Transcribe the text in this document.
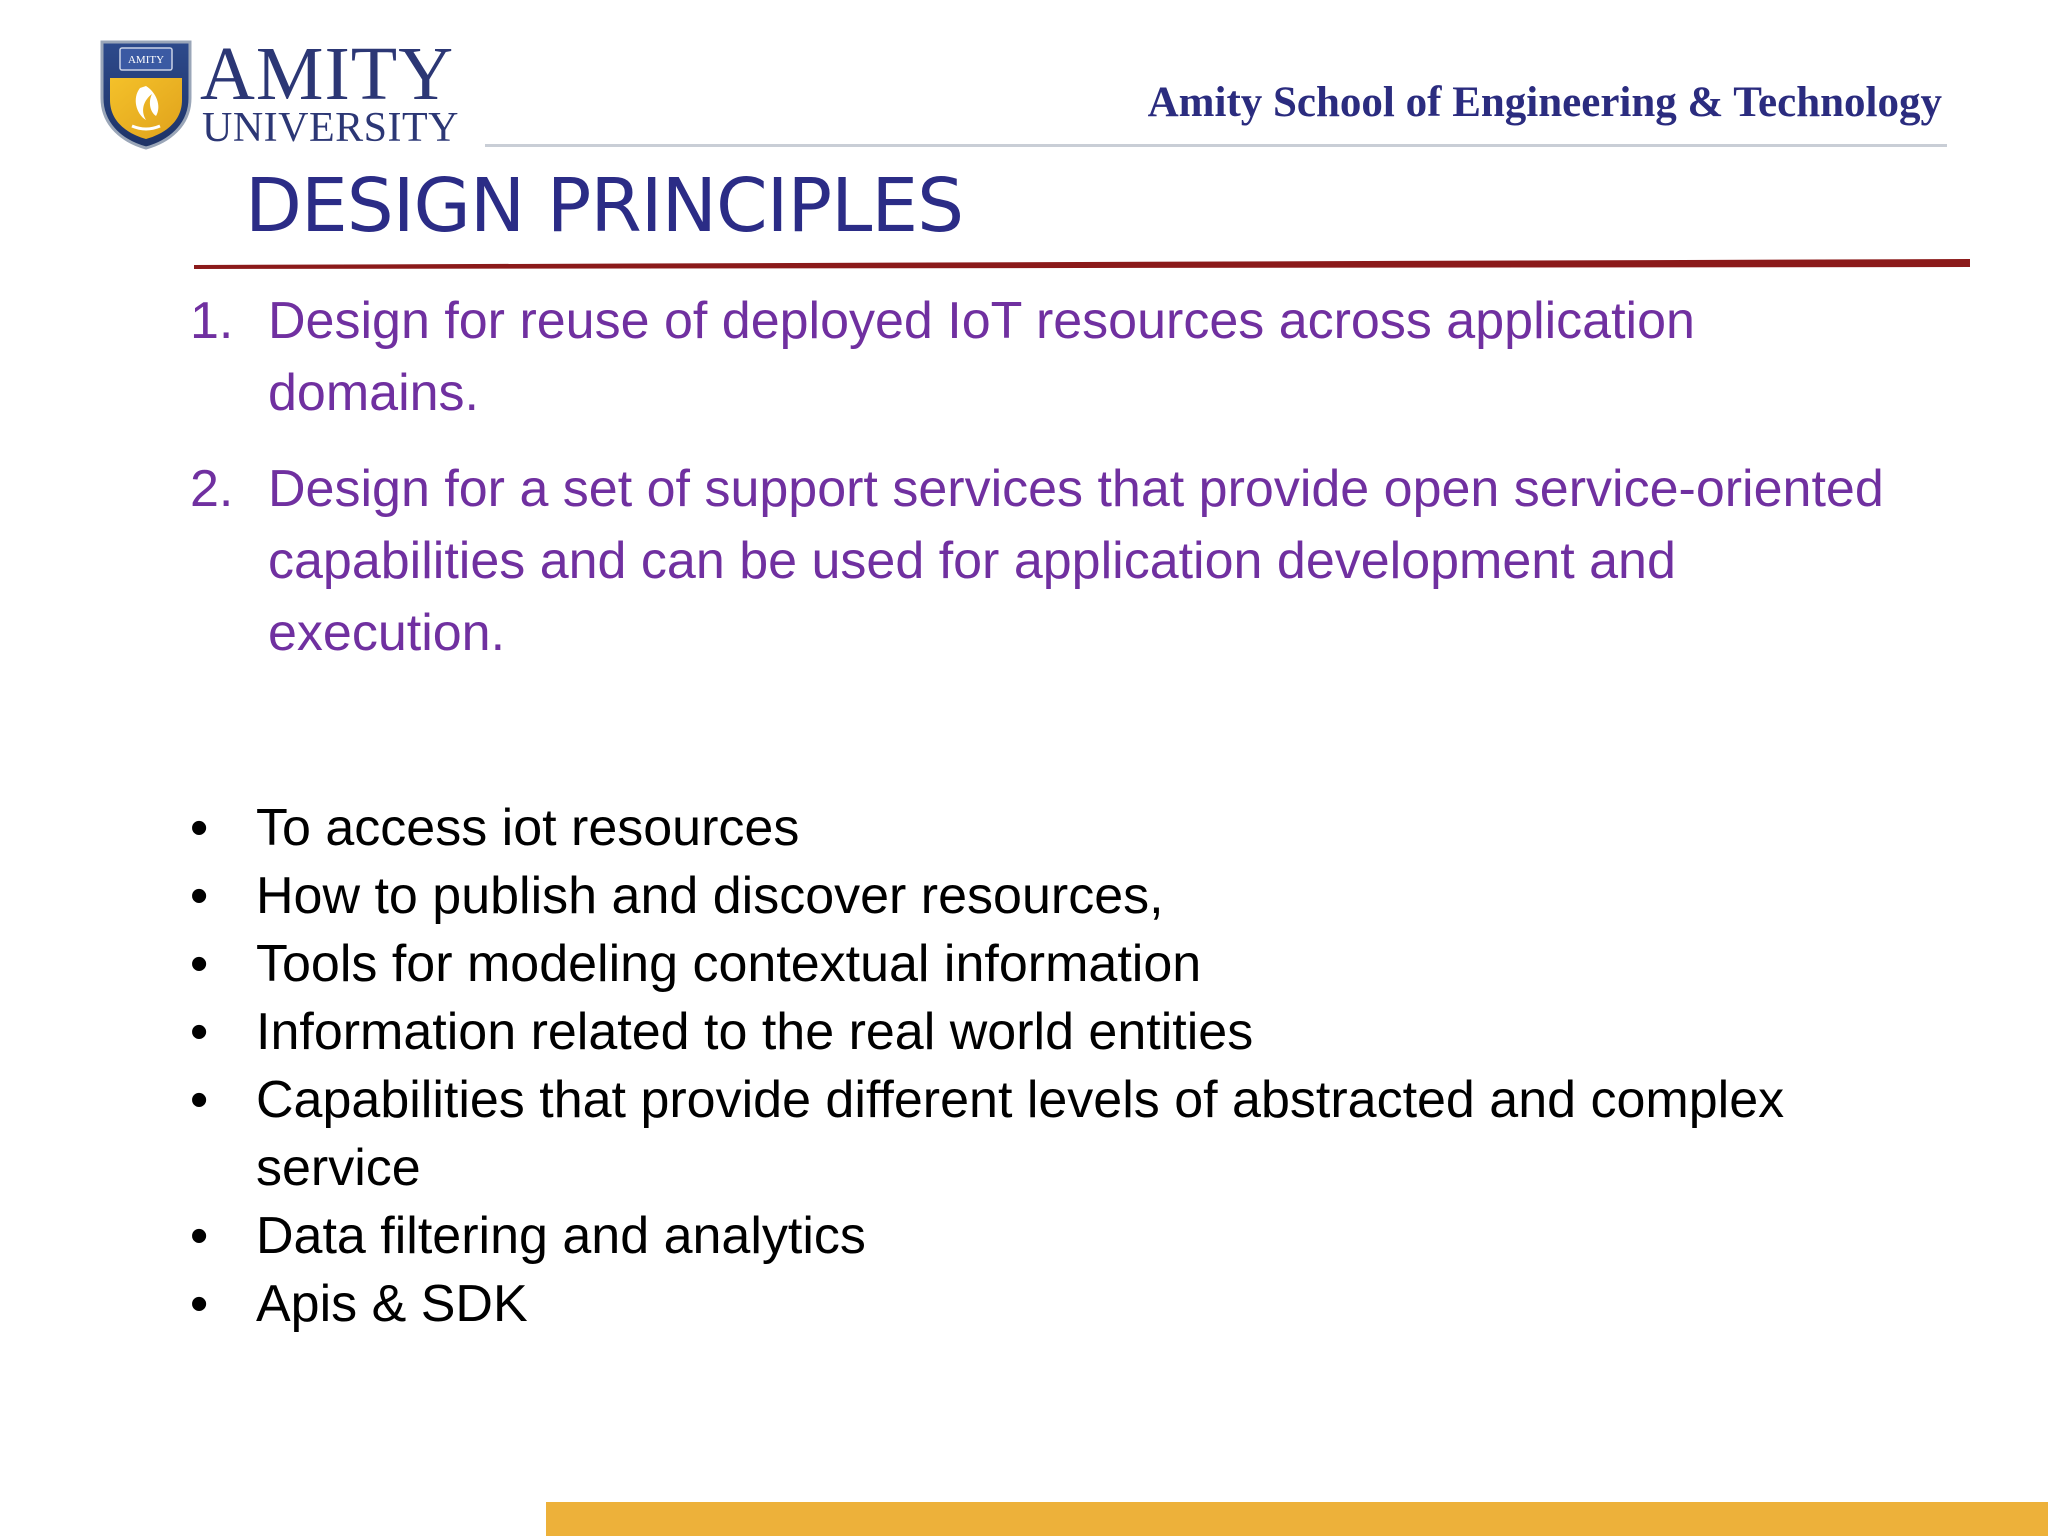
AMITY AMITY
UNIVERSITY
Amity School of Engineering & Technology
DESIGN PRINCIPLES
1. Design for reuse of deployed IoT resources across application domains.
2. Design for a set of support services that provide open service-oriented capabilities and can be used for application development and execution.
• To access iot resources
• How to publish and discover resources,
• Tools for modeling contextual information
• Information related to the real world entities
• Capabilities that provide different levels of abstracted and complex service
• Data filtering and analytics
• Apis & SDK
